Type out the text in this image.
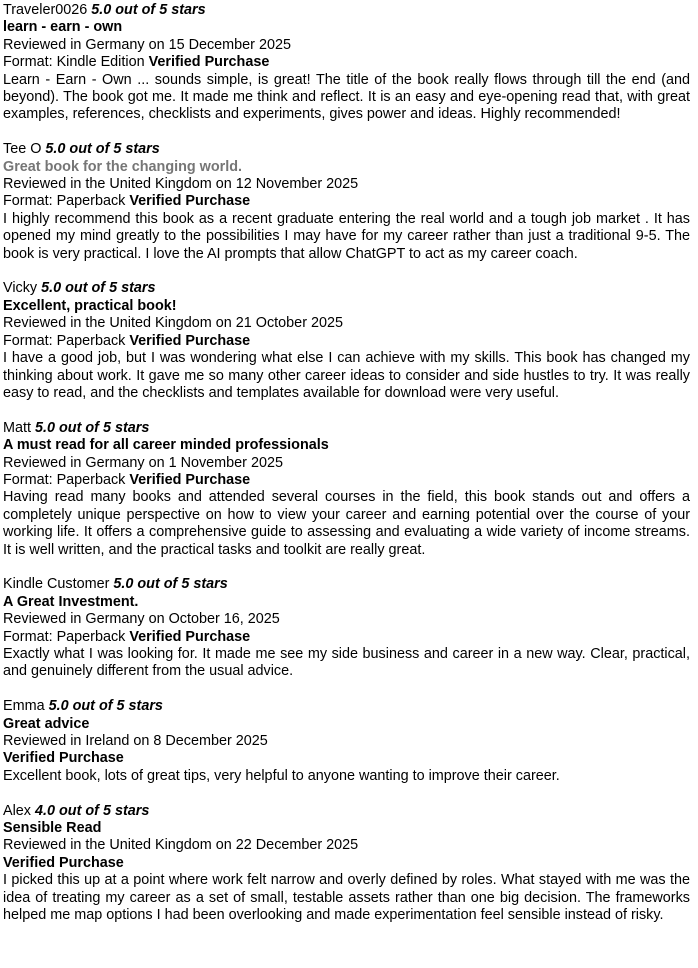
Traveler0026 5.0 out of 5 stars
learn - earn - own
Reviewed in Germany on 15 December 2025
Format: Kindle Edition Verified Purchase
Learn - Earn - Own ... sounds simple, is great! The title of the book really flows through till the end (and beyond). The book got me. It made me think and reflect. It is an easy and eye-opening read that, with great examples, references, checklists and experiments, gives power and ideas. Highly recommended!
Tee O 5.0 out of 5 stars
Great book for the changing world.
Reviewed in the United Kingdom on 12 November 2025
Format: Paperback Verified Purchase
I highly recommend this book as a recent graduate entering the real world and a tough job market . It has opened my mind greatly to the possibilities I may have for my career rather than just a traditional 9-5. The book is very practical. I love the AI prompts that allow ChatGPT to act as my career coach.
Vicky 5.0 out of 5 stars
Excellent, practical book!
Reviewed in the United Kingdom on 21 October 2025
Format: Paperback Verified Purchase
I have a good job, but I was wondering what else I can achieve with my skills. This book has changed my thinking about work. It gave me so many other career ideas to consider and side hustles to try. It was really easy to read, and the checklists and templates available for download were very useful.
Matt 5.0 out of 5 stars
A must read for all career minded professionals
Reviewed in Germany on 1 November 2025
Format: Paperback Verified Purchase
Having read many books and attended several courses in the field, this book stands out and offers a completely unique perspective on how to view your career and earning potential over the course of your working life. It offers a comprehensive guide to assessing and evaluating a wide variety of income streams. It is well written, and the practical tasks and toolkit are really great.
Kindle Customer 5.0 out of 5 stars
A Great Investment.
Reviewed in Germany on October 16, 2025
Format: Paperback Verified Purchase
Exactly what I was looking for. It made me see my side business and career in a new way. Clear, practical, and genuinely different from the usual advice.
Emma 5.0 out of 5 stars
Great advice
Reviewed in Ireland on 8 December 2025
Verified Purchase
Excellent book, lots of great tips, very helpful to anyone wanting to improve their career.
Alex 4.0 out of 5 stars
Sensible Read
Reviewed in the United Kingdom on 22 December 2025
Verified Purchase
I picked this up at a point where work felt narrow and overly defined by roles. What stayed with me was the idea of treating my career as a set of small, testable assets rather than one big decision. The frameworks helped me map options I had been overlooking and made experimentation feel sensible instead of risky.
